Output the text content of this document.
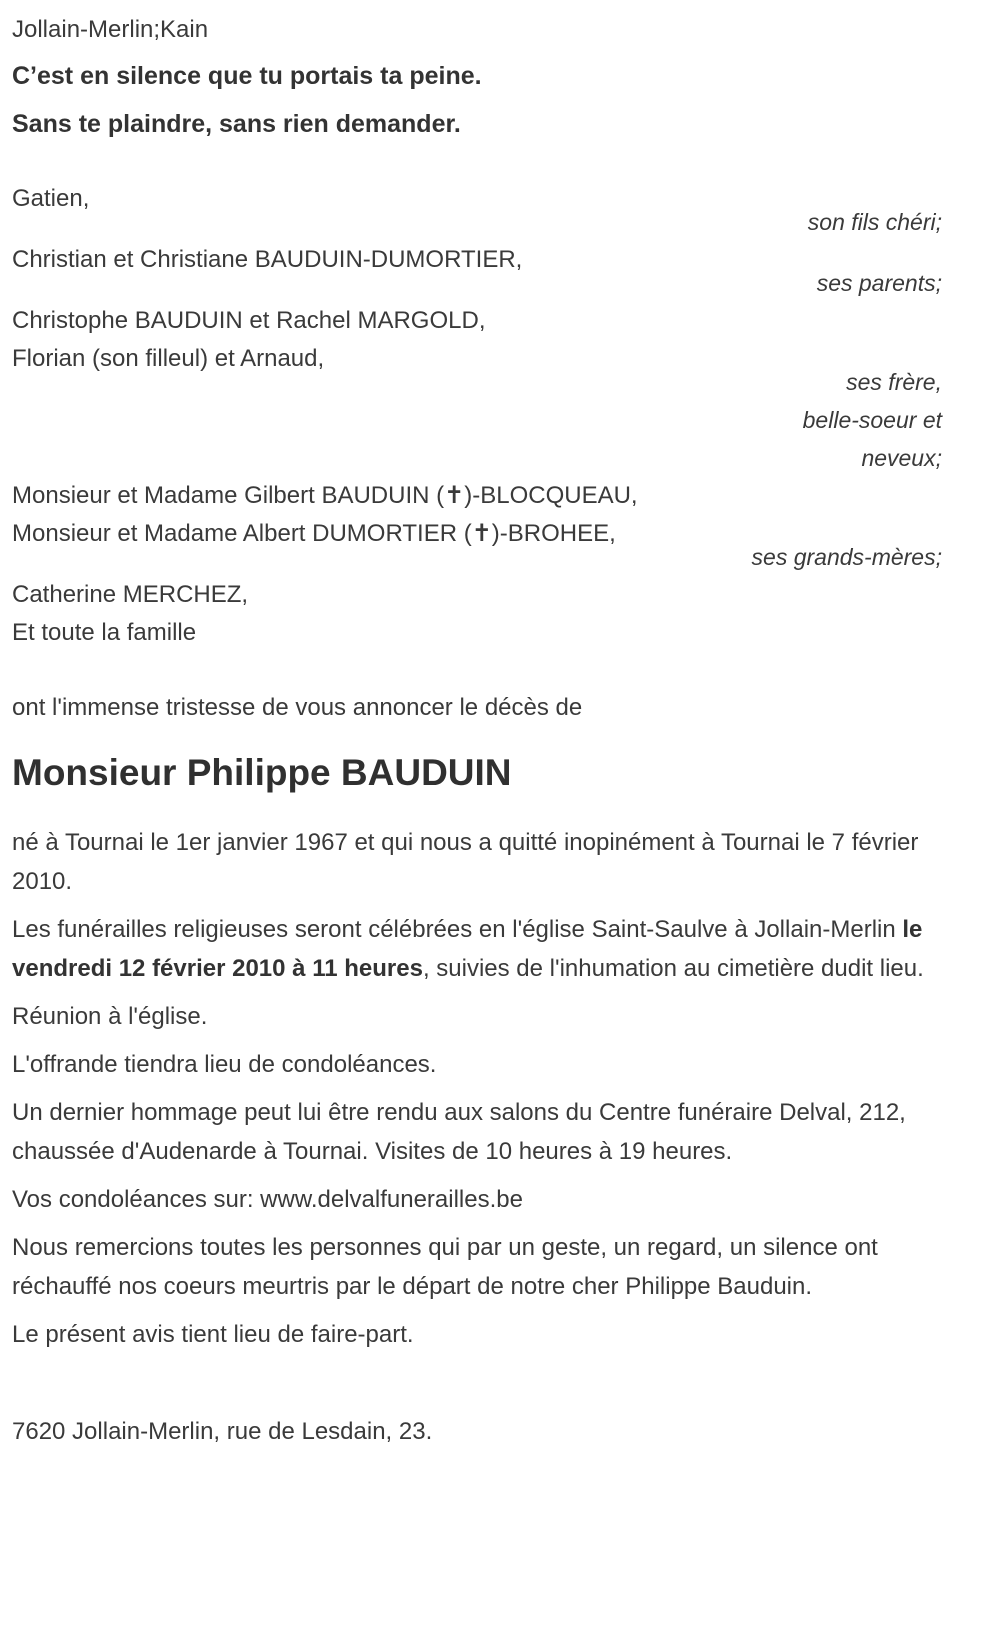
Jollain-Merlin;Kain

C’est en silence que tu portais ta peine.

Sans te plaindre, sans rien demander.

Gatien,

son fils chéri;

Christian et Christiane BAUDUIN-DUMORTIER,

ses parents;

Christophe BAUDUIN et Rachel MARGOLD,

Florian (son filleul) et Arnaud,

ses frère,

belle-soeur et

neveux;

Monsieur et Madame Gilbert BAUDUIN (✝)-BLOCQUEAU,

Monsieur et Madame Albert DUMORTIER (✝)-BROHEE,

ses grands-mères;

Catherine MERCHEZ,

Et toute la famille

ont l'immense tristesse de vous annoncer le décès de

Monsieur Philippe BAUDUIN

né à Tournai le 1er janvier 1967 et qui nous a quitté inopinément à Tournai le 7 février 2010.

Les funérailles religieuses seront célébrées en l'église Saint-Saulve à Jollain-Merlin le vendredi 12 février 2010 à 11 heures, suivies de l'inhumation au cimetière dudit lieu.

Réunion à l'église.

L'offrande tiendra lieu de condoléances.

Un dernier hommage peut lui être rendu aux salons du Centre funéraire Delval, 212, chaussée d'Audenarde à Tournai. Visites de 10 heures à 19 heures.

Vos condoléances sur: www.delvalfunerailles.be

Nous remercions toutes les personnes qui par un geste, un regard, un silence ont réchauffé nos coeurs meurtris par le départ de notre cher Philippe Bauduin.

Le présent avis tient lieu de faire-part.

7620 Jollain-Merlin, rue de Lesdain, 23.
